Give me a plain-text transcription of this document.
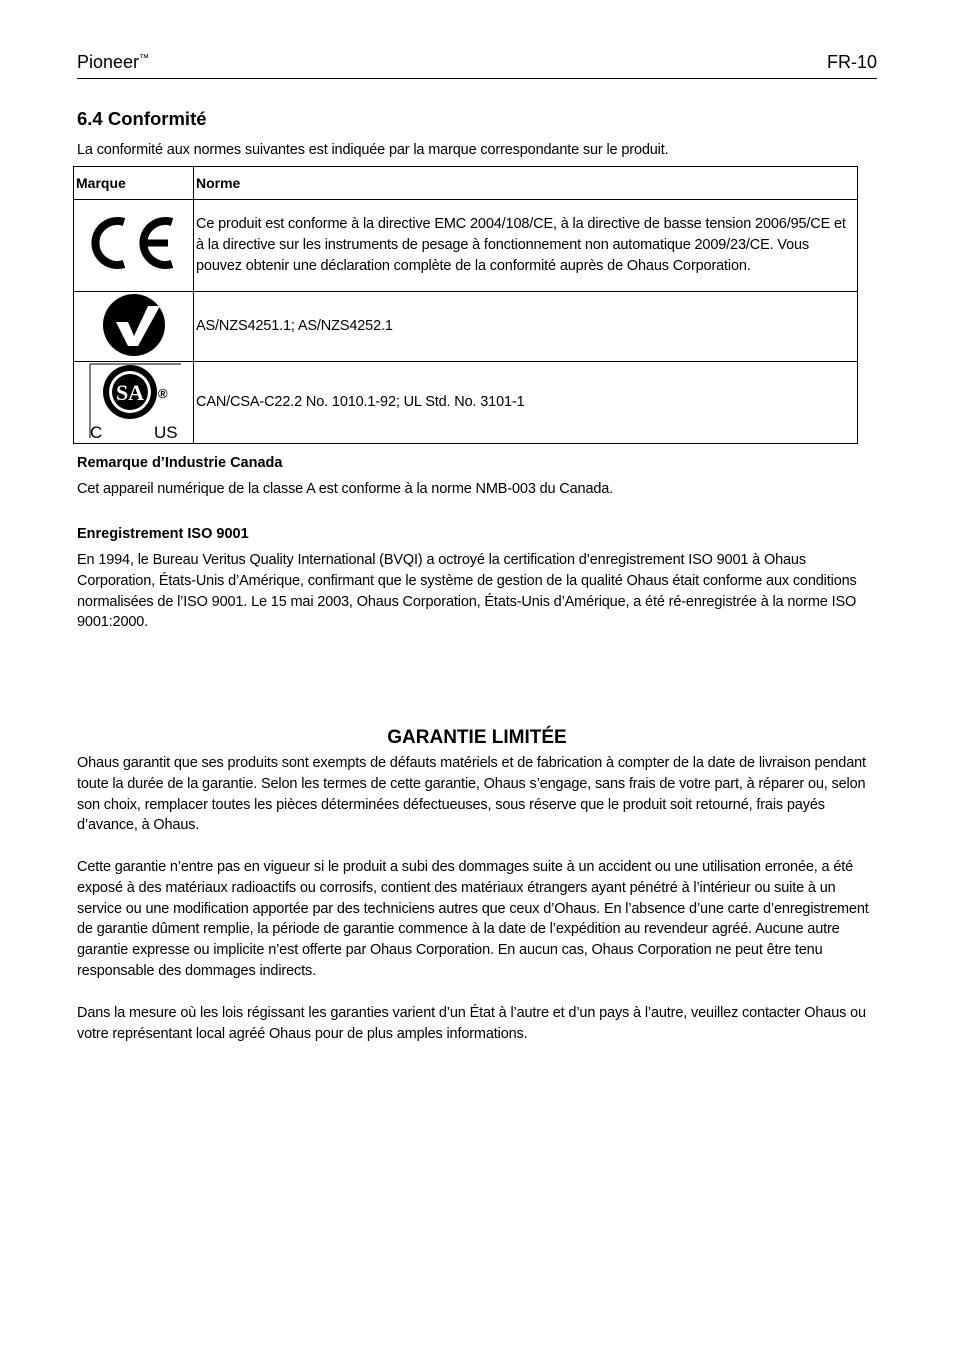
Pioneer™	FR-10
6.4 Conformité
La conformité aux normes suivantes est indiquée par la marque correspondante sur le produit.
Marque	Norme
	Ce produit est conforme à la directive EMC 2004/108/CE, à la directive de basse tension 2006/95/CE et à la directive sur les instruments de pesage à fonctionnement non automatique 2009/23/CE. Vous pouvez obtenir une déclaration complète de la conformité auprès de Ohaus Corporation.
	AS/NZS4251.1; AS/NZS4252.1

SA ®
C US	CAN/CSA-C22.2 No. 1010.1-92; UL Std. No. 3101-1
Remarque d’Industrie Canada
Cet appareil numérique de la classe A est conforme à la norme NMB-003 du Canada.
Enregistrement ISO 9001
En 1994, le Bureau Veritus Quality International (BVQI) a octroyé la certification d’enregistrement ISO 9001 à Ohaus Corporation, États-Unis d’Amérique, confirmant que le système de gestion de la qualité Ohaus était conforme aux conditions normalisées de l’ISO 9001. Le 15 mai 2003, Ohaus Corporation, États-Unis d’Amérique, a été ré-enregistrée à la norme ISO 9001:2000.
GARANTIE LIMITÉE
Ohaus garantit que ses produits sont exempts de défauts matériels et de fabrication à compter de la date de livraison pendant toute la durée de la garantie. Selon les termes de cette garantie, Ohaus s’engage, sans frais de votre part, à réparer ou, selon son choix, remplacer toutes les pièces déterminées défectueuses, sous réserve que le produit soit retourné, frais payés d’avance, à Ohaus.
Cette garantie n’entre pas en vigueur si le produit a subi des dommages suite à un accident ou une utilisation erronée, a été exposé à des matériaux radioactifs ou corrosifs, contient des matériaux étrangers ayant pénétré à l’intérieur ou suite à un service ou une modification apportée par des techniciens autres que ceux d’Ohaus. En l’absence d’une carte d’enregistrement de garantie dûment remplie, la période de garantie commence à la date de l’expédition au revendeur agréé. Aucune autre garantie expresse ou implicite n’est offerte par Ohaus Corporation. En aucun cas, Ohaus Corporation ne peut être tenu responsable des dommages indirects.
Dans la mesure où les lois régissant les garanties varient d’un État à l’autre et d’un pays à l’autre, veuillez contacter Ohaus ou votre représentant local agréé Ohaus pour de plus amples informations.
